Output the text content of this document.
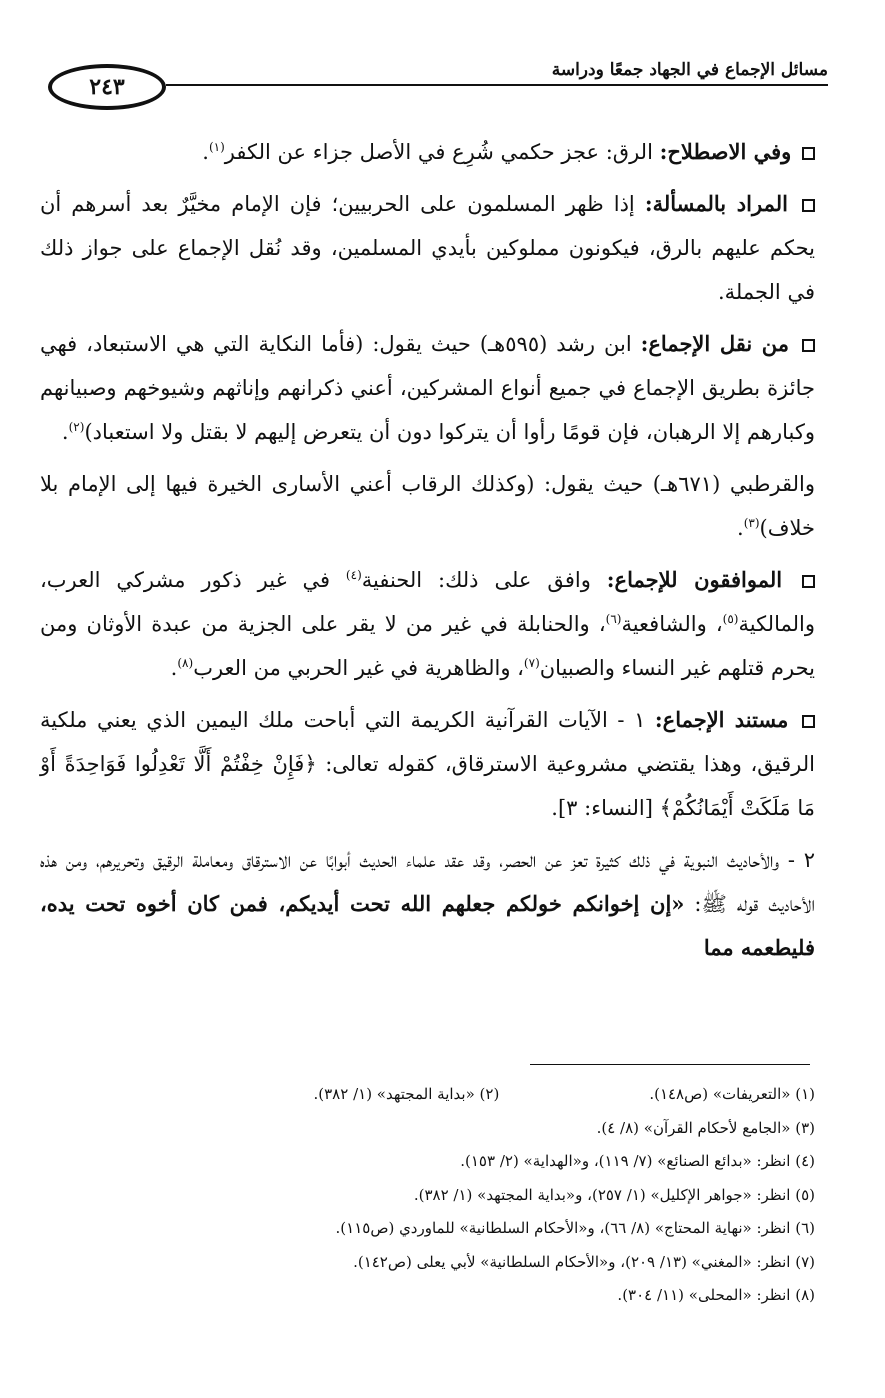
٢٤٣
مسائل الإجماع في الجهاد جمعًا ودراسة

وفي الاصطلاح: الرق: عجز حكمي شُرِع في الأصل جزاء عن الكفر$^{(١)}$.

المراد بالمسألة: إذا ظهر المسلمون على الحربيين؛ فإن الإمام مخيَّرٌ بعد أسرهم أن يحكم عليهم بالرق، فيكونون مملوكين بأيدي المسلمين، وقد نُقل الإجماع على جواز ذلك في الجملة.

من نقل الإجماع: ابن رشد (٥٩٥هـ) حيث يقول: (فأما النكاية التي هي الاستبعاد، فهي جائزة بطريق الإجماع في جميع أنواع المشركين، أعني ذكرانهم وإناثهم وشيوخهم وصبيانهم وكبارهم إلا الرهبان، فإن قومًا رأوا أن يتركوا دون أن يتعرض إليهم لا بقتل ولا استعباد)$^{(٢)}$.

والقرطبي (٦٧١هـ) حيث يقول: (وكذلك الرقاب أعني الأسارى الخيرة فيها إلى الإمام بلا خلاف)$^{(٣)}$.

الموافقون للإجماع: وافق على ذلك: الحنفية$^{(٤)}$ في غير ذكور مشركي العرب، والمالكية$^{(٥)}$، والشافعية$^{(٦)}$، والحنابلة في غير من لا يقر على الجزية من عبدة الأوثان ومن يحرم قتلهم غير النساء والصبيان$^{(٧)}$، والظاهرية في غير الحربي من العرب$^{(٨)}$.

مستند الإجماع: ١ - الآيات القرآنية الكريمة التي أباحت ملك اليمين الذي يعني ملكية الرقيق، وهذا يقتضي مشروعية الاسترقاق، كقوله تعالى: ﴿فَإِنْ خِفْتُمْ أَلَّا تَعْدِلُوا فَوَاحِدَةً أَوْ مَا مَلَكَتْ أَيْمَانُكُمْ﴾ [النساء: ٣].

٢ - والأحاديث النبوية في ذلك كثيرة تعز عن الحصر، وقد عقد علماء الحديث أبوابًا عن الاسترقاق ومعاملة الرقيق وتحريرهم، ومن هذه الأحاديث قوله ﷺ: «إن إخوانكم خولكم جعلهم الله تحت أيديكم، فمن كان أخوه تحت يده، فليطعمه مما

(١) «التعريفات» (ص١٤٨).
(٢) «بداية المجتهد» (١/ ٣٨٢).
(٣) «الجامع لأحكام القرآن» (٨/ ٤).
(٤) انظر: «بدائع الصنائع» (٧/ ١١٩)، و«الهداية» (٢/ ١٥٣).
(٥) انظر: «جواهر الإكليل» (١/ ٢٥٧)، و«بداية المجتهد» (١/ ٣٨٢).
(٦) انظر: «نهاية المحتاج» (٨/ ٦٦)، و«الأحكام السلطانية» للماوردي (ص١١٥).
(٧) انظر: «المغني» (١٣/ ٢٠٩)، و«الأحكام السلطانية» لأبي يعلى (ص١٤٢).
(٨) انظر: «المحلى» (١١/ ٣٠٤).
